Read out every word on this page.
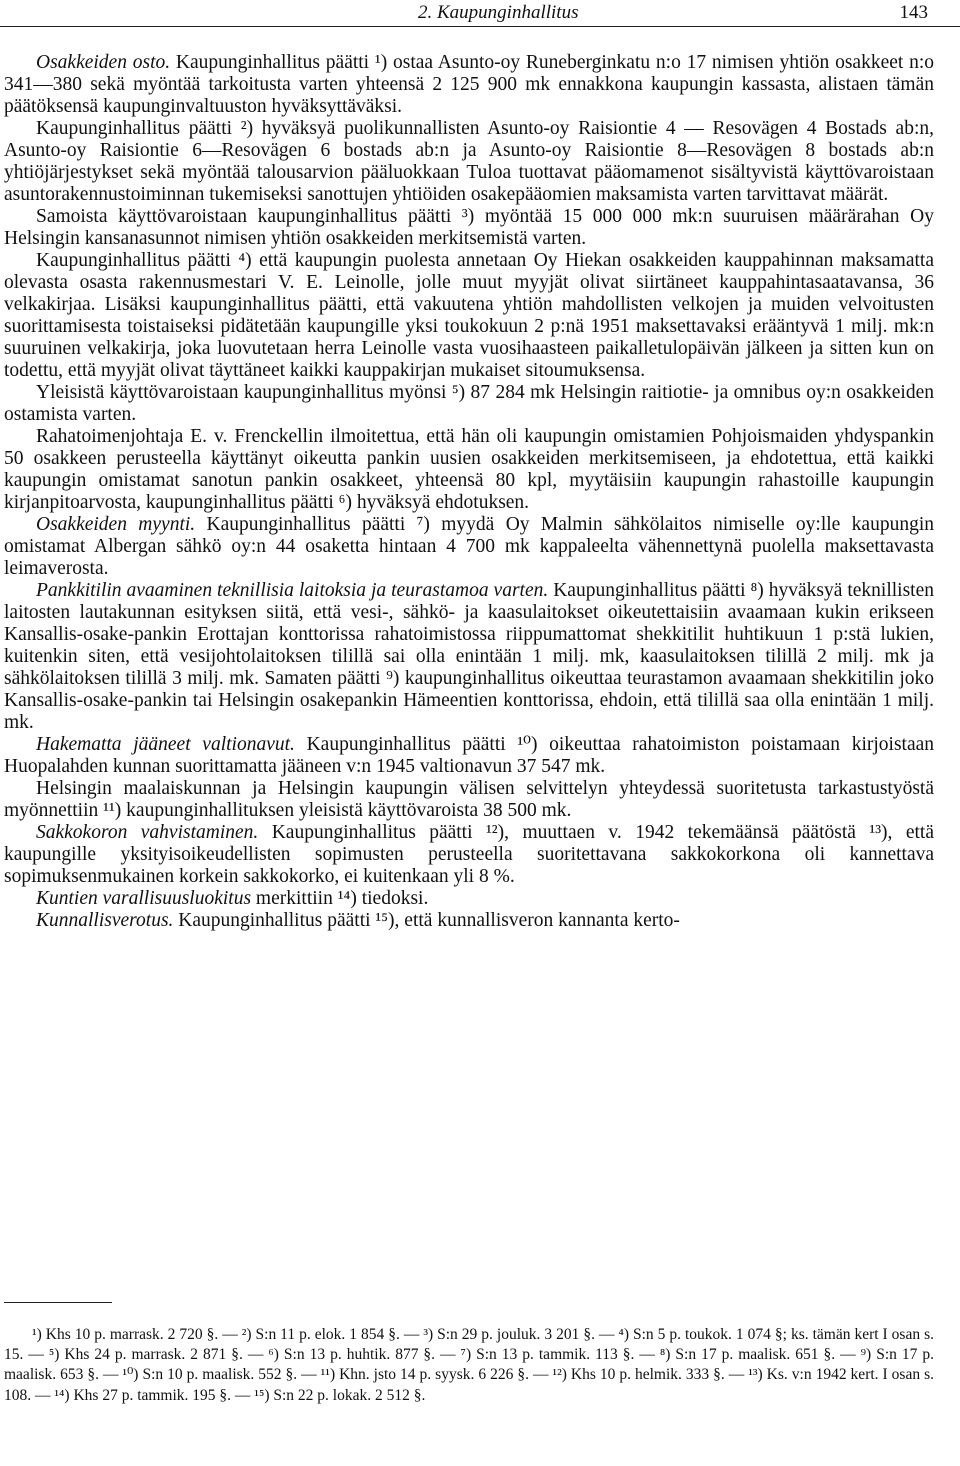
2. Kaupunginhallitus	143

Osakkeiden osto. Kaupunginhallitus päätti ¹) ostaa Asunto-oy Runeberginkatu n:o 17 nimisen yhtiön osakkeet n:o 341—380 sekä myöntää tarkoitusta varten yhteensä 2 125 900 mk ennakkona kaupungin kassasta, alistaen tämän päätöksensä kaupunginvaltuuston hyväksyttäväksi.

Kaupunginhallitus päätti ²) hyväksyä puolikunnallisten Asunto-oy Raisiontie 4 — Resovägen 4 Bostads ab:n, Asunto-oy Raisiontie 6—Resovägen 6 bostads ab:n ja Asunto-oy Raisiontie 8—Resovägen 8 bostads ab:n yhtiöjärjestykset sekä myöntää talousarvion pääluokkaan Tuloa tuottavat pääomamenot sisältyvistä käyttövaroistaan asuntorakennustoiminnan tukemiseksi sanottujen yhtiöiden osakepääomien maksamista varten tarvittavat määrät.

Samoista käyttövaroistaan kaupunginhallitus päätti ³) myöntää 15 000 000 mk:n suuruisen määrärahan Oy Helsingin kansanasunnot nimisen yhtiön osakkeiden merkitsemistä varten.

Kaupunginhallitus päätti ⁴) että kaupungin puolesta annetaan Oy Hiekan osakkeiden kauppahinnan maksamatta olevasta osasta rakennusmestari V. E. Leinolle, jolle muut myyjät olivat siirtäneet kauppahintasaatavansa, 36 velkakirjaa. Lisäksi kaupunginhallitus päätti, että vakuutena yhtiön mahdollisten velkojen ja muiden velvoitusten suorittamisesta toistaiseksi pidätetään kaupungille yksi toukokuun 2 p:nä 1951 maksettavaksi erääntyvä 1 milj. mk:n suuruinen velkakirja, joka luovutetaan herra Leinolle vasta vuosihaasteen paikalletulopäivän jälkeen ja sitten kun on todettu, että myyjät olivat täyttäneet kaikki kauppakirjan mukaiset sitoumuksensa.

Yleisistä käyttövaroistaan kaupunginhallitus myönsi ⁵) 87 284 mk Helsingin raitiotie- ja omnibus oy:n osakkeiden ostamista varten.

Rahatoimenjohtaja E. v. Frenckellin ilmoitettua, että hän oli kaupungin omistamien Pohjoismaiden yhdyspankin 50 osakkeen perusteella käyttänyt oikeutta pankin uusien osakkeiden merkitsemiseen, ja ehdotettua, että kaikki kaupungin omistamat sanotun pankin osakkeet, yhteensä 80 kpl, myytäisiin kaupungin rahastoille kaupungin kirjanpitoarvosta, kaupunginhallitus päätti ⁶) hyväksyä ehdotuksen.

Osakkeiden myynti. Kaupunginhallitus päätti ⁷) myydä Oy Malmin sähkölaitos nimiselle oy:lle kaupungin omistamat Albergan sähkö oy:n 44 osaketta hintaan 4 700 mk kappaleelta vähennettynä puolella maksettavasta leimaverosta.

Pankkitilin avaaminen teknillisia laitoksia ja teurastamoa varten. Kaupunginhallitus päätti ⁸) hyväksyä teknillisten laitosten lautakunnan esityksen siitä, että vesi-, sähkö- ja kaasulaitokset oikeutettaisiin avaamaan kukin erikseen Kansallis-osake-pankin Erottajan konttorissa rahatoimistossa riippumattomat shekkitilit huhtikuun 1 p:stä lukien, kuitenkin siten, että vesijohtolaitoksen tilillä sai olla enintään 1 milj. mk, kaasulaitoksen tilillä 2 milj. mk ja sähkölaitoksen tilillä 3 milj. mk. Samaten päätti ⁹) kaupunginhallitus oikeuttaa teurastamon avaamaan shekkitilin joko Kansallis-osake-pankin tai Helsingin osakepankin Hämeentien konttorissa, ehdoin, että tilillä saa olla enintään 1 milj. mk.

Hakematta jääneet valtionavut. Kaupunginhallitus päätti ¹⁰) oikeuttaa rahatoimiston poistamaan kirjoistaan Huopalahden kunnan suorittamatta jääneen v:n 1945 valtionavun 37 547 mk.

Helsingin maalaiskunnan ja Helsingin kaupungin välisen selvittelyn yhteydessä suoritetusta tarkastustyöstä myönnettiin ¹¹) kaupunginhallituksen yleisistä käyttövaroista 38 500 mk.

Sakkokoron vahvistaminen. Kaupunginhallitus päätti ¹²), muuttaen v. 1942 tekemäänsä päätöstä ¹³), että kaupungille yksityisoikeudellisten sopimusten perusteella suoritettavana sakkokorkona oli kannettava sopimuksenmukainen korkein sakkokorko, ei kuitenkaan yli 8 %.

Kuntien varallisuusluokitus merkittiin ¹⁴) tiedoksi.

Kunnallisverotus. Kaupunginhallitus päätti ¹⁵), että kunnallisveron kannanta kerto-

¹) Khs 10 p. marrask. 2 720 §. — ²) S:n 11 p. elok. 1 854 §. — ³) S:n 29 p. jouluk. 3 201 §. — ⁴) S:n 5 p. toukok. 1 074 §; ks. tämän kert I osan s. 15. — ⁵) Khs 24 p. marrask. 2 871 §. — ⁶) S:n 13 p. huhtik. 877 §. — ⁷) S:n 13 p. tammik. 113 §. — ⁸) S:n 17 p. maalisk. 651 §. — ⁹) S:n 17 p. maalisk. 653 §. — ¹⁰) S:n 10 p. maalisk. 552 §. — ¹¹) Khn. jsto 14 p. syysk. 6 226 §. — ¹²) Khs 10 p. helmik. 333 §. — ¹³) Ks. v:n 1942 kert. I osan s. 108. — ¹⁴) Khs 27 p. tammik. 195 §. — ¹⁵) S:n 22 p. lokak. 2 512 §.
